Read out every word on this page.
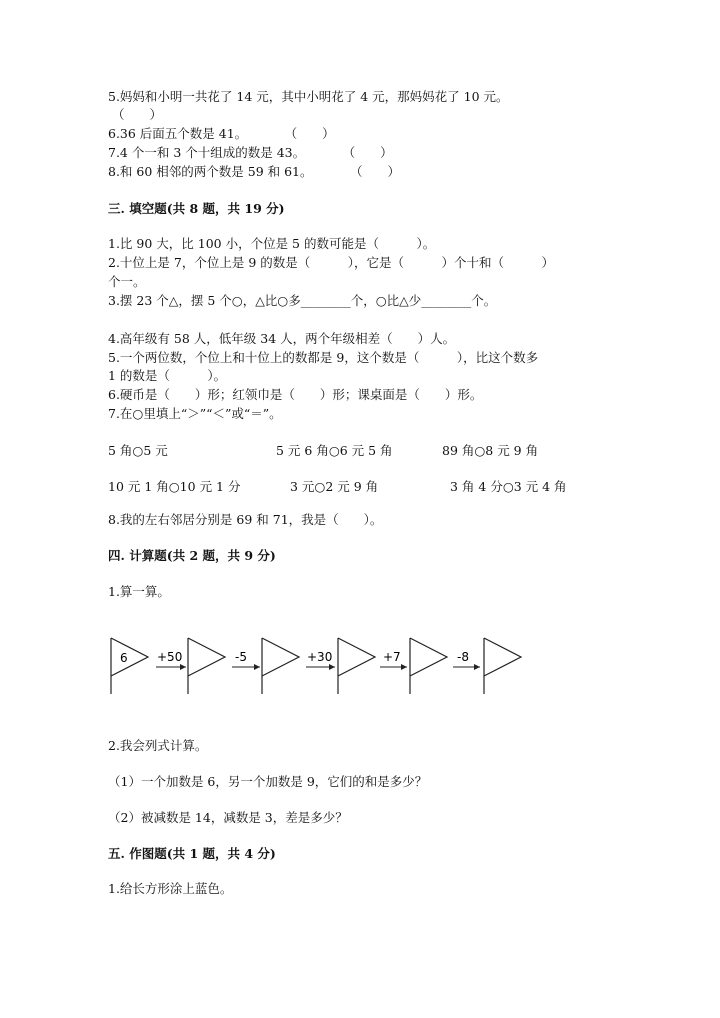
5.妈妈和小明一共花了 14 元，其中小明花了 4 元，那妈妈花了 10 元。
（　　）
6.36 后面五个数是 41。　　　　（　　）
7.4 个一和 3 个十组成的数是 43。　　　　（　　）
8.和 60 相邻的两个数是 59 和 61。　　　　（　　）
三. 填空题(共 8 题，共 19 分)
1.比 90 大，比 100 小，个位是 5 的数可能是（　　　）。
2.十位上是 7，个位上是 9 的数是（　　　），它是（　　　）个十和（　　　）
个一。
3.摆 23 个△，摆 5 个○，△比○多________个，○比△少________个。
4.高年级有 58 人，低年级 34 人，两个年级相差（　　）人。
5.一个两位数，个位上和十位上的数都是 9，这个数是（　　　），比这个数多
1 的数是（　　　）。
6.硬币是（　　）形；红领巾是（　　）形；课桌面是（　　）形。
7.在○里填上“＞”“＜”或“＝”。
5 角○5 元	5 元 6 角○6 元 5 角	89 角○8 元 9 角
10 元 1 角○10 元 1 分	3 元○2 元 9 角	3 角 4 分○3 元 4 角
8.我的左右邻居分别是 69 和 71，我是（　　）。
四. 计算题(共 2 题，共 9 分)
1.算一算。
6 +50	-5	+30	+7	-8
2.我会列式计算。
（1）一个加数是 6，另一个加数是 9，它们的和是多少？
（2）被减数是 14，减数是 3，差是多少？
五. 作图题(共 1 题，共 4 分)
1.给长方形涂上蓝色。
